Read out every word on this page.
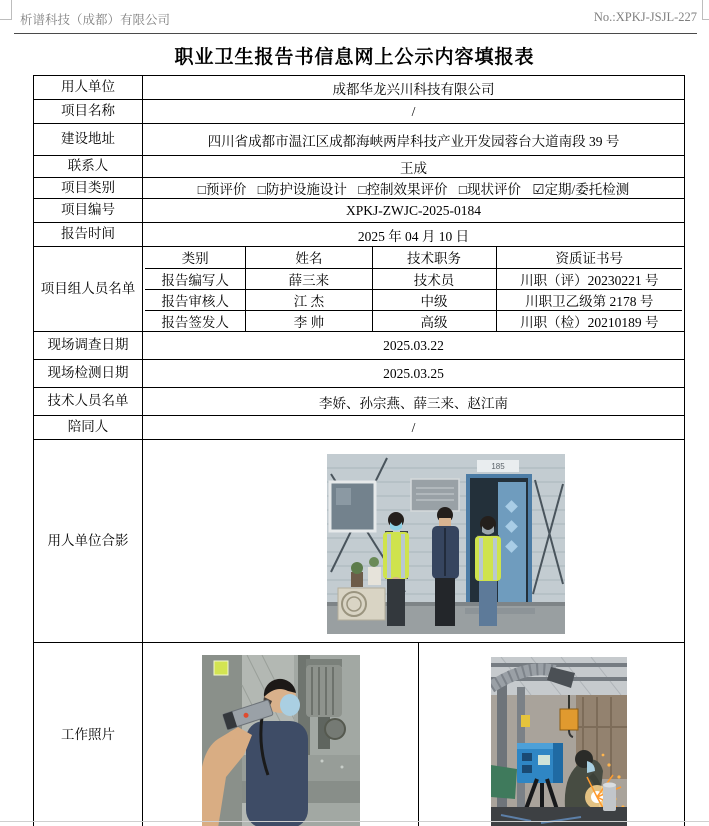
析谱科技（成都）有限公司	No.:XPKJ-JSJL-227
职业卫生报告书信息网上公示内容填报表
用人单位	成都华龙兴川科技有限公司
项目名称	/
建设地址	四川省成都市温江区成都海峡两岸科技产业开发园蓉台大道南段 39 号
联系人	王成
项目类别	□预评价 □防护设施设计 □控制效果评价 □现状评价 ☑定期/委托检测
项目编号	XPKJ-ZWJC-2025-0184
报告时间	2025 年 04 月 10 日
项目组人员名单	
类别	姓名	技术职务	资质证书号
报告编写人	薛三来	技术员	川职（评）20230221 号
报告审核人	江 杰	中级	川职卫乙级第 2178 号
报告签发人	李 帅	高级	川职（检）20210189 号

现场调查日期	2025.03.22
现场检测日期	2025.03.25
技术人员名单	李娇、孙宗燕、薛三来、赵江南
陪同人	/
用人单位合影	
185

工作照片	
